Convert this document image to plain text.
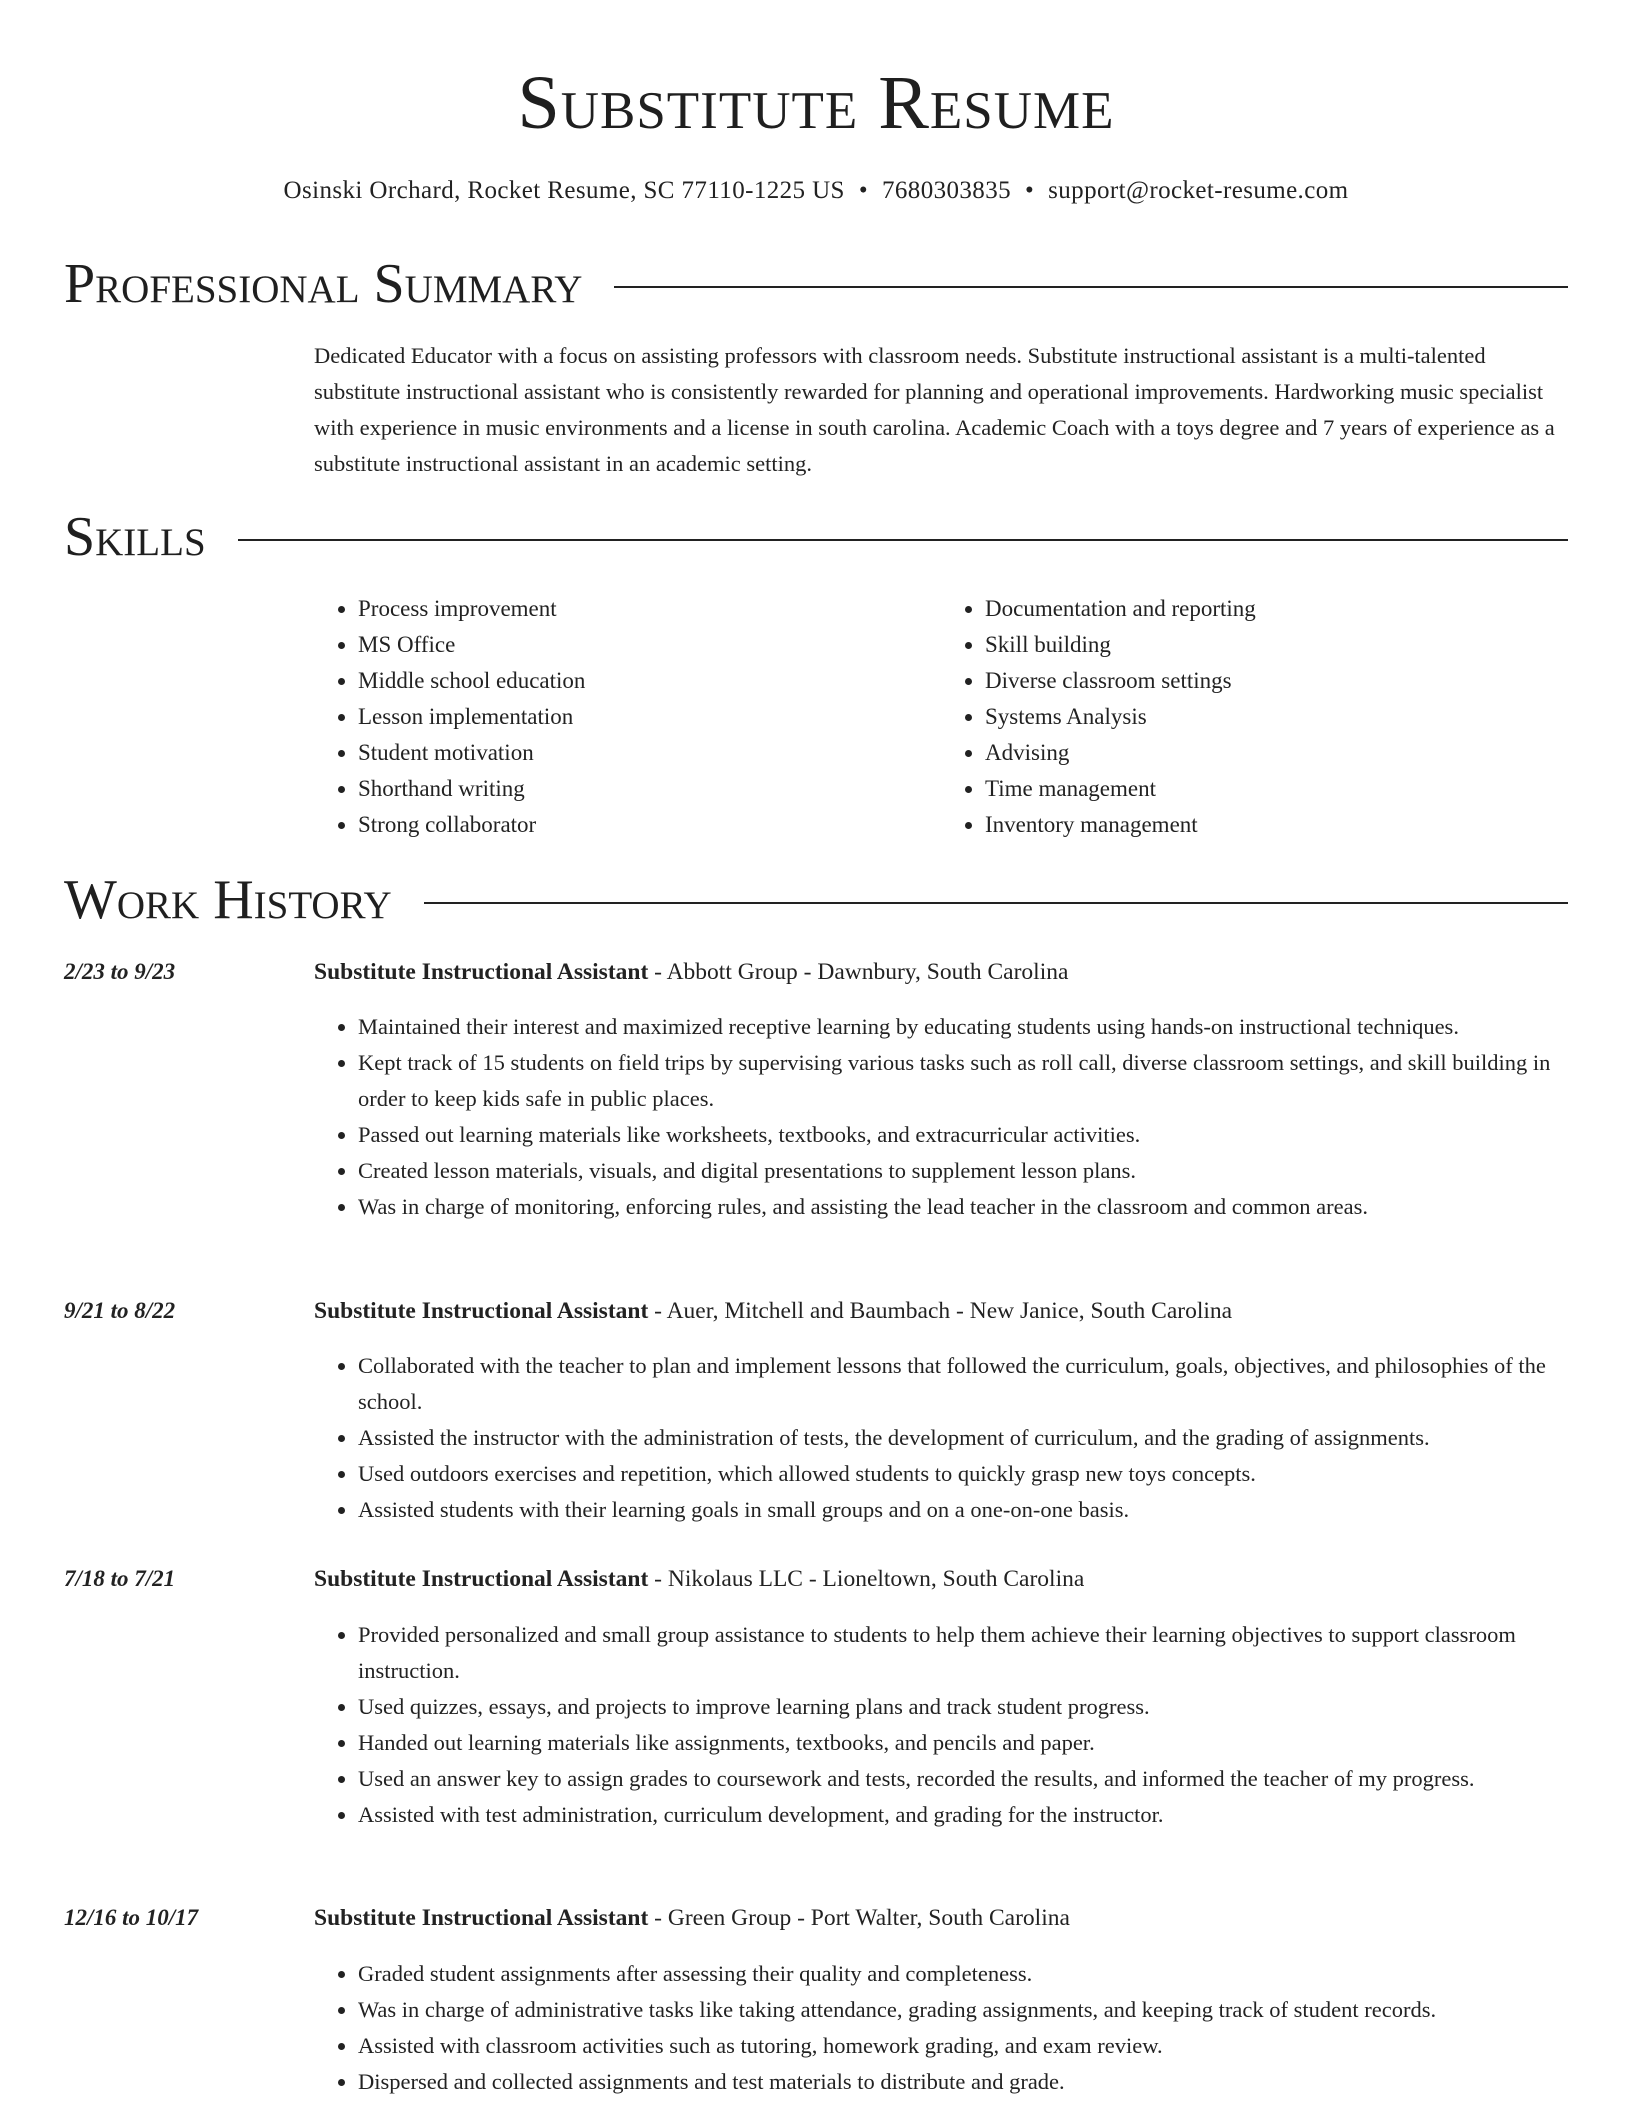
Substitute Resume
Osinski Orchard, Rocket Resume, SC 77110-1225 US • 7680303835 • support@rocket-resume.com
Professional Summary

Dedicated Educator with a focus on assisting professors with classroom needs. Substitute instructional assistant is a multi-talented substitute instructional assistant who is consistently rewarded for planning and operational improvements. Hardworking music specialist with experience in music environments and a license in south carolina. Academic Coach with a toys degree and 7 years of experience as a substitute instructional assistant in an academic setting.

Skills
• Process improvement
• MS Office
• Middle school education
• Lesson implementation
• Student motivation
• Shorthand writing
• Strong collaborator
• Documentation and reporting
• Skill building
• Diverse classroom settings
• Systems Analysis
• Advising
• Time management
• Inventory management
Work History
2/23 to 9/23	Substitute Instructional Assistant - Abbott Group - Dawnbury, South Carolina
• Maintained their interest and maximized receptive learning by educating students using hands-on instructional techniques.
• Kept track of 15 students on field trips by supervising various tasks such as roll call, diverse classroom settings, and skill building in order to keep kids safe in public places.
• Passed out learning materials like worksheets, textbooks, and extracurricular activities.
• Created lesson materials, visuals, and digital presentations to supplement lesson plans.
• Was in charge of monitoring, enforcing rules, and assisting the lead teacher in the classroom and common areas.
9/21 to 8/22	Substitute Instructional Assistant - Auer, Mitchell and Baumbach - New Janice, South Carolina
• Collaborated with the teacher to plan and implement lessons that followed the curriculum, goals, objectives, and philosophies of the school.
• Assisted the instructor with the administration of tests, the development of curriculum, and the grading of assignments.
• Used outdoors exercises and repetition, which allowed students to quickly grasp new toys concepts.
• Assisted students with their learning goals in small groups and on a one-on-one basis.
7/18 to 7/21	Substitute Instructional Assistant - Nikolaus LLC - Lioneltown, South Carolina
• Provided personalized and small group assistance to students to help them achieve their learning objectives to support classroom instruction.
• Used quizzes, essays, and projects to improve learning plans and track student progress.
• Handed out learning materials like assignments, textbooks, and pencils and paper.
• Used an answer key to assign grades to coursework and tests, recorded the results, and informed the teacher of my progress.
• Assisted with test administration, curriculum development, and grading for the instructor.
12/16 to 10/17	Substitute Instructional Assistant - Green Group - Port Walter, South Carolina
• Graded student assignments after assessing their quality and completeness.
• Was in charge of administrative tasks like taking attendance, grading assignments, and keeping track of student records.
• Assisted with classroom activities such as tutoring, homework grading, and exam review.
• Dispersed and collected assignments and test materials to distribute and grade.
